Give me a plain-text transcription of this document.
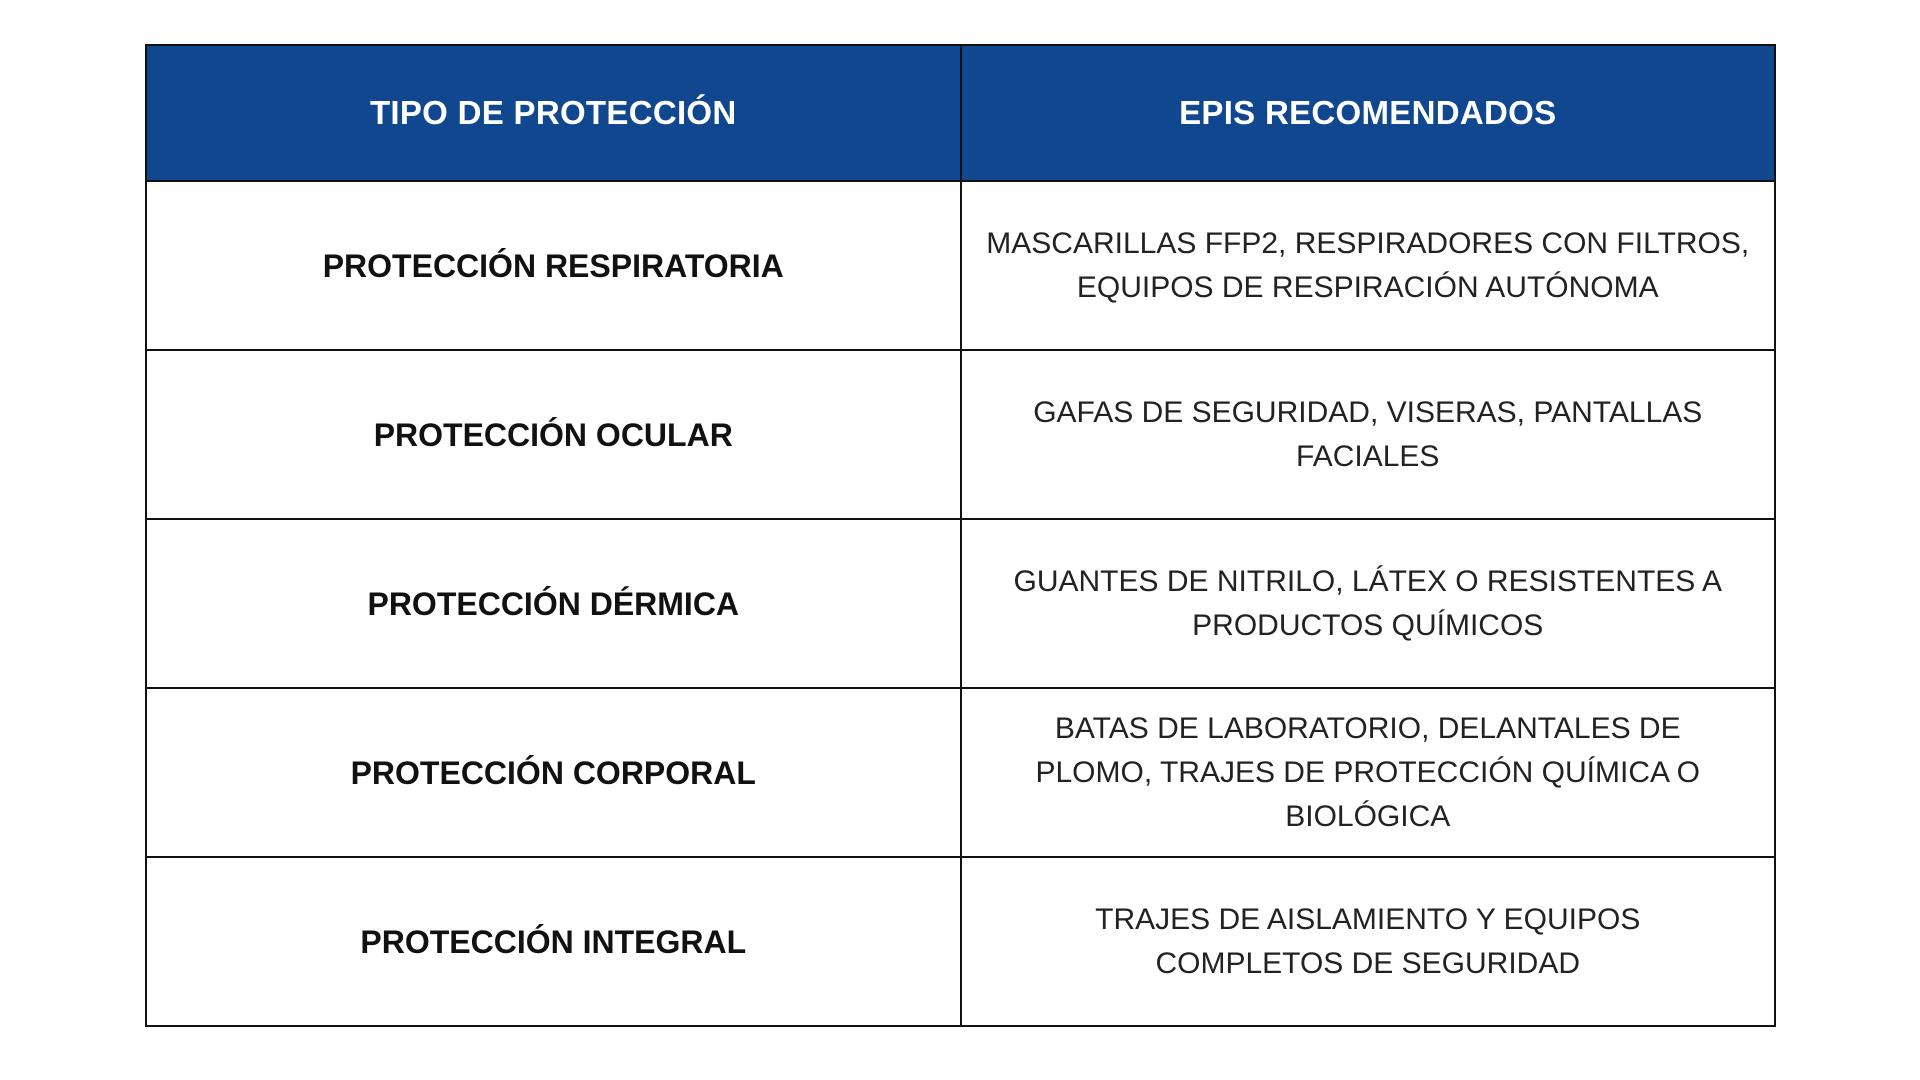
TIPO DE PROTECCIÓN	EPIS RECOMENDADOS
PROTECCIÓN RESPIRATORIA	MASCARILLAS FFP2, RESPIRADORES CON FILTROS, EQUIPOS DE RESPIRACIÓN AUTÓNOMA
PROTECCIÓN OCULAR	GAFAS DE SEGURIDAD, VISERAS, PANTALLAS FACIALES
PROTECCIÓN DÉRMICA	GUANTES DE NITRILO, LÁTEX O RESISTENTES A PRODUCTOS QUÍMICOS
PROTECCIÓN CORPORAL	BATAS DE LABORATORIO, DELANTALES DE PLOMO, TRAJES DE PROTECCIÓN QUÍMICA O BIOLÓGICA
PROTECCIÓN INTEGRAL	TRAJES DE AISLAMIENTO Y EQUIPOS COMPLETOS DE SEGURIDAD
